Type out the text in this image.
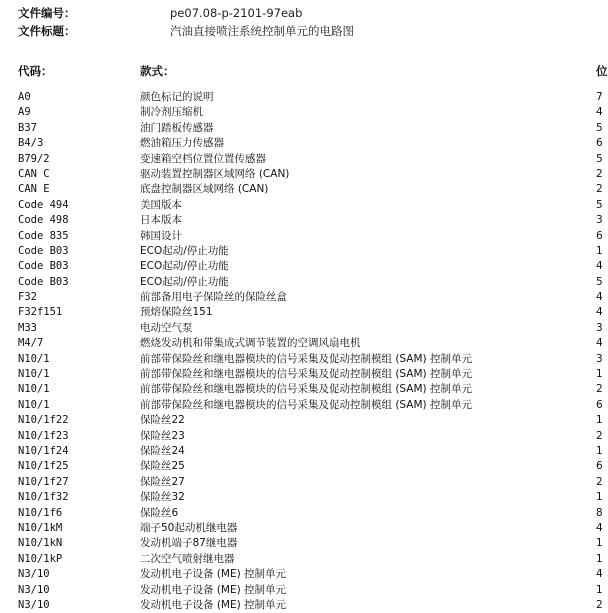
文件编号：	pe07.08-p-2101-97eab
文件标题：	汽油直接喷注系统控制单元的电路图
代码：	款式：	位
A0	颜色标记的说明	7
A9	制冷剂压缩机	4
B37	油门踏板传感器	5
B4/3	燃油箱压力传感器	6
B79/2	变速箱空档位置位置传感器	5
CAN C	驱动装置控制器区域网络 (CAN)	2
CAN E	底盘控制器区域网络 (CAN)	2
Code 494	美国版本	5
Code 498	日本版本	3
Code 835	韩国设计	6
Code B03	ECO起动/停止功能	1
Code B03	ECO起动/停止功能	4
Code B03	ECO起动/停止功能	5
F32	前部备用电子保险丝的保险丝盒	4
F32f151	预熔保险丝151	4
M33	电动空气泵	3
M4/7	燃烧发动机和带集成式调节装置的空调风扇电机	4
N10/1	前部带保险丝和继电器模块的信号采集及促动控制模组 (SAM) 控制单元	3
N10/1	前部带保险丝和继电器模块的信号采集及促动控制模组 (SAM) 控制单元	1
N10/1	前部带保险丝和继电器模块的信号采集及促动控制模组 (SAM) 控制单元	2
N10/1	前部带保险丝和继电器模块的信号采集及促动控制模组 (SAM) 控制单元	6
N10/1f22	保险丝22	1
N10/1f23	保险丝23	2
N10/1f24	保险丝24	1
N10/1f25	保险丝25	6
N10/1f27	保险丝27	2
N10/1f32	保险丝32	1
N10/1f6	保险丝6	8
N10/1kM	端子50起动机继电器	4
N10/1kN	发动机端子87继电器	1
N10/1kP	二次空气喷射继电器	1
N3/10	发动机电子设备 (ME) 控制单元	4
N3/10	发动机电子设备 (ME) 控制单元	1
N3/10	发动机电子设备 (ME) 控制单元	2
